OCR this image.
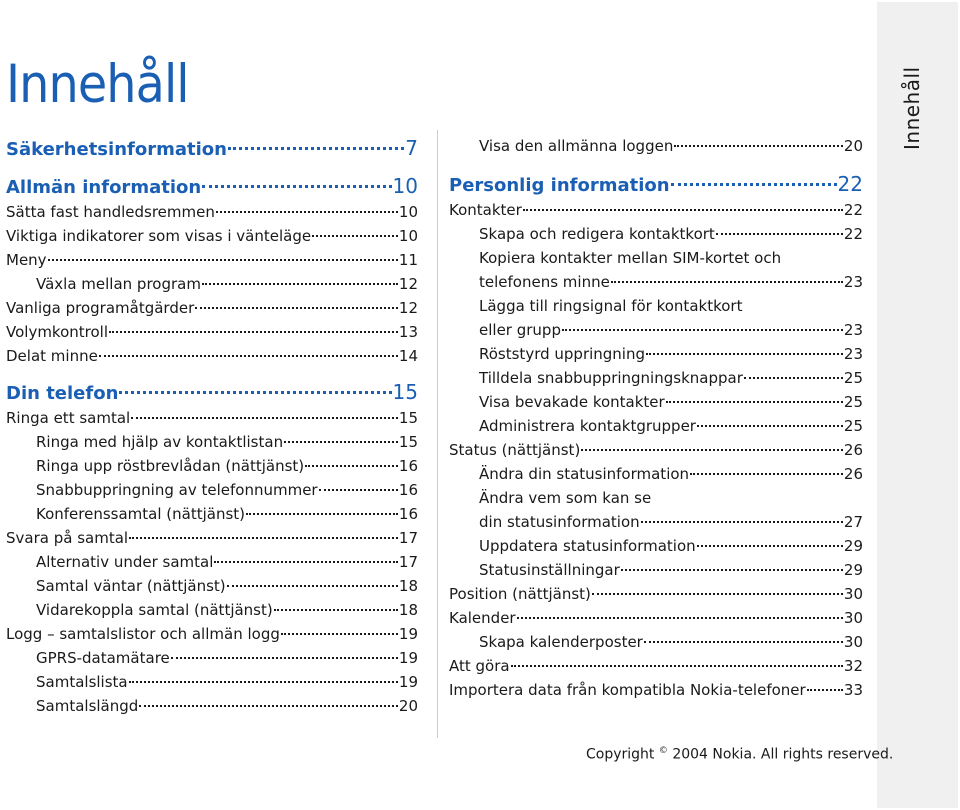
Innehåll
Innehåll
Säkerhetsinformation	7
Allmän information	10
Sätta fast handledsremmen	10
Viktiga indikatorer som visas i vänteläge	10
Meny	11
Växla mellan program	12
Vanliga programåtgärder	12
Volymkontroll	13
Delat minne	14
Din telefon	15
Ringa ett samtal	15
Ringa med hjälp av kontaktlistan	15
Ringa upp röstbrevlådan (nättjänst)	16
Snabbuppringning av telefonnummer	16
Konferenssamtal (nättjänst)	16
Svara på samtal	17
Alternativ under samtal	17
Samtal väntar (nättjänst)	18
Vidarekoppla samtal (nättjänst)	18
Logg – samtalslistor och allmän logg	19
GPRS-datamätare	19
Samtalslista	19
Samtalslängd	20
Visa den allmänna loggen	20
Personlig information	22
Kontakter	22
Skapa och redigera kontaktkort	22
Kopiera kontakter mellan SIM-kortet och
telefonens minne	23
Lägga till ringsignal för kontaktkort
eller grupp	23
Röststyrd uppringning	23
Tilldela snabbuppringningsknappar	25
Visa bevakade kontakter	25
Administrera kontaktgrupper	25
Status (nättjänst)	26
Ändra din statusinformation	26
Ändra vem som kan se
din statusinformation	27
Uppdatera statusinformation	29
Statusinställningar	29
Position (nättjänst)	30
Kalender	30
Skapa kalenderposter	30
Att göra	32
Importera data från kompatibla Nokia-telefoner	33
Copyright © 2004 Nokia. All rights reserved.
